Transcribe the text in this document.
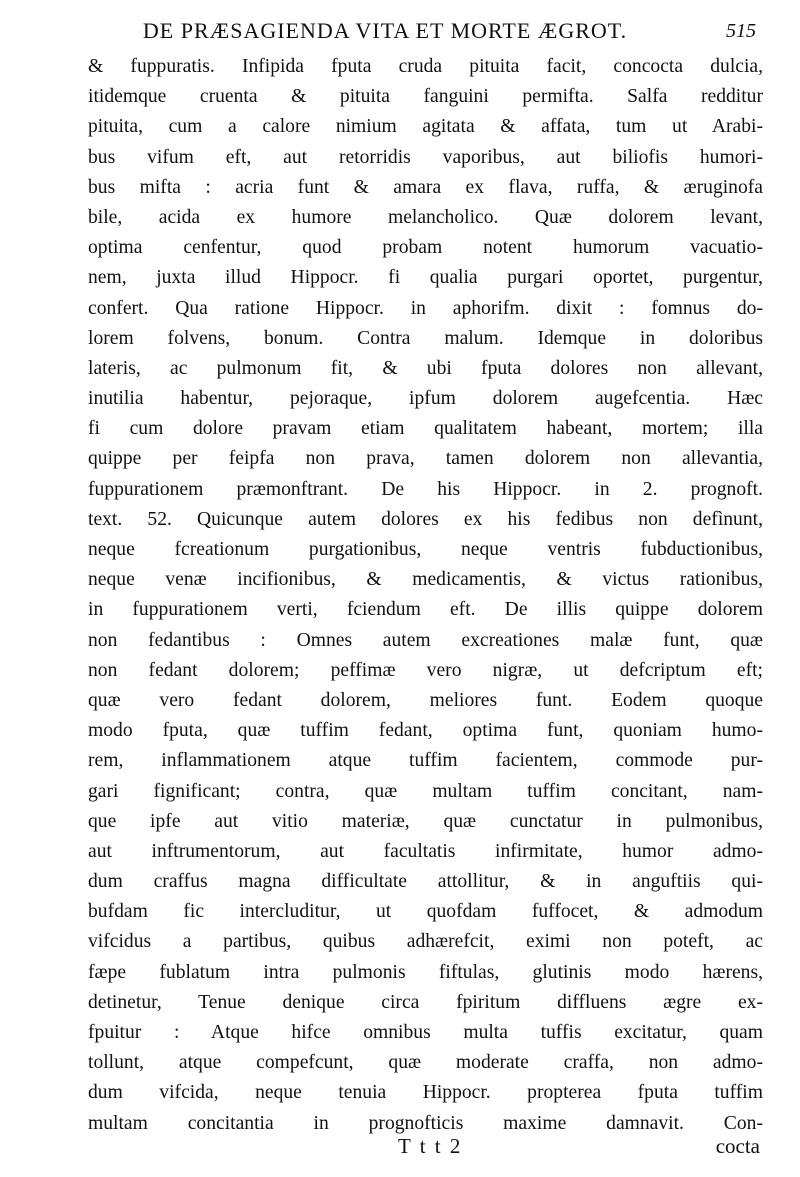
DE PRÆSAGIENDA VITA ET MORTE ÆGROT.	515
& fuppuratis. Infipida fputa cruda pituita facit, concocta dulcia,
itidemque cruenta & pituita fanguini permifta. Salfa redditur
pituita, cum a calore nimium agitata & affata, tum ut Arabi-
bus vifum eft, aut retorridis vaporibus, aut biliofis humori-
bus mifta : acria funt & amara ex flava, ruffa, & æruginofa
bile, acida ex humore melancholico. Quæ dolorem levant,
optima cenfentur, quod probam notent humorum vacuatio-
nem, juxta illud Hippocr. fi qualia purgari oportet, purgentur,
confert. Qua ratione Hippocr. in aphorifm. dixit : fomnus do-
lorem folvens, bonum. Contra malum. Idemque in doloribus
lateris, ac pulmonum fit, & ubi fputa dolores non allevant,
inutilia habentur, pejoraque, ipfum dolorem augefcentia. Hæc
fi cum dolore pravam etiam qualitatem habeant, mortem; illa
quippe per feipfa non prava, tamen dolorem non allevantia,
fuppurationem præmonftrant. De his Hippocr. in 2. prognoft.
text. 52. Quicunque autem dolores ex his fedibus non defìnunt,
neque fcreationum purgationibus, neque ventris fubductionibus,
neque venæ incifionibus, & medicamentis, & victus rationibus,
in fuppurationem verti, fciendum eft. De illis quippe dolorem
non fedantibus : Omnes autem excreationes malæ funt, quæ
non fedant dolorem; peffimæ vero nigræ, ut defcriptum eft;
quæ vero fedant dolorem, meliores funt. Eodem quoque
modo fputa, quæ tuffim fedant, optima funt, quoniam humo-
rem, inflammationem atque tuffim facientem, commode pur-
gari fignificant; contra, quæ multam tuffim concitant, nam-
que ipfe aut vitio materiæ, quæ cunctatur in pulmonibus,
aut inftrumentorum, aut facultatis infirmitate, humor admo-
dum craffus magna difficultate attollitur, & in anguftiis qui-
bufdam fic intercluditur, ut quofdam fuffocet, & admodum
vifcidus a partibus, quibus adhærefcit, eximi non poteft, ac
fæpe fublatum intra pulmonis fiftulas, glutinis modo hærens,
detinetur, Tenue denique circa fpiritum diffluens ægre ex-
fpuitur : Atque hifce omnibus multa tuffis excitatur, quam
tollunt, atque compefcunt, quæ moderate craffa, non admo-
dum vifcida, neque tenuia Hippocr. propterea fputa tuffim
multam concitantia in prognofticis maxime damnavit. Con-
T t t 2	cocta
